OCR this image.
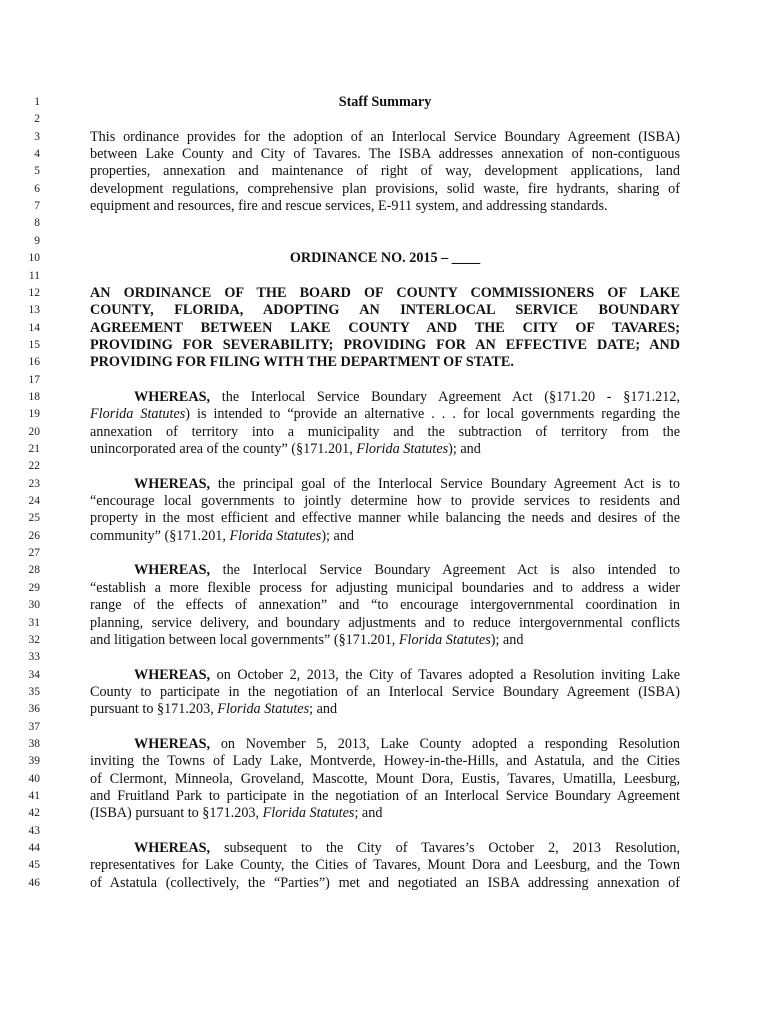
1	Staff Summary
2
3	This ordinance provides for the adoption of an Interlocal Service Boundary Agreement (ISBA)
4	between Lake County and City of Tavares. The ISBA addresses annexation of non-contiguous
5	properties, annexation and maintenance of right of way, development applications, land
6	development regulations, comprehensive plan provisions, solid waste, fire hydrants, sharing of
7	equipment and resources, fire and rescue services, E-911 system, and addressing standards.
8
9
10	ORDINANCE NO. 2015 – ____
11
12	AN ORDINANCE OF THE BOARD OF COUNTY COMMISSIONERS OF LAKE
13	COUNTY, FLORIDA, ADOPTING AN INTERLOCAL SERVICE BOUNDARY
14	AGREEMENT BETWEEN LAKE COUNTY AND THE CITY OF TAVARES;
15	PROVIDING FOR SEVERABILITY; PROVIDING FOR AN EFFECTIVE DATE; AND
16	PROVIDING FOR FILING WITH THE DEPARTMENT OF STATE.
17
18	WHEREAS, the Interlocal Service Boundary Agreement Act (§171.20 - §171.212,
19	Florida Statutes) is intended to “provide an alternative . . . for local governments regarding the
20	annexation of territory into a municipality and the subtraction of territory from the
21	unincorporated area of the county” (§171.201, Florida Statutes); and
22
23	WHEREAS, the principal goal of the Interlocal Service Boundary Agreement Act is to
24	“encourage local governments to jointly determine how to provide services to residents and
25	property in the most efficient and effective manner while balancing the needs and desires of the
26	community” (§171.201, Florida Statutes); and
27
28	WHEREAS, the Interlocal Service Boundary Agreement Act is also intended to
29	“establish a more flexible process for adjusting municipal boundaries and to address a wider
30	range of the effects of annexation” and “to encourage intergovernmental coordination in
31	planning, service delivery, and boundary adjustments and to reduce intergovernmental conflicts
32	and litigation between local governments” (§171.201, Florida Statutes); and
33
34	WHEREAS, on October 2, 2013, the City of Tavares adopted a Resolution inviting Lake
35	County to participate in the negotiation of an Interlocal Service Boundary Agreement (ISBA)
36	pursuant to §171.203, Florida Statutes; and
37
38	WHEREAS, on November 5, 2013, Lake County adopted a responding Resolution
39	inviting the Towns of Lady Lake, Montverde, Howey-in-the-Hills, and Astatula, and the Cities
40	of Clermont, Minneola, Groveland, Mascotte, Mount Dora, Eustis, Tavares, Umatilla, Leesburg,
41	and Fruitland Park to participate in the negotiation of an Interlocal Service Boundary Agreement
42	(ISBA) pursuant to §171.203, Florida Statutes; and
43
44	WHEREAS, subsequent to the City of Tavares’s October 2, 2013 Resolution,
45	representatives for Lake County, the Cities of Tavares, Mount Dora and Leesburg, and the Town
46	of Astatula (collectively, the “Parties”) met and negotiated an ISBA addressing annexation of
